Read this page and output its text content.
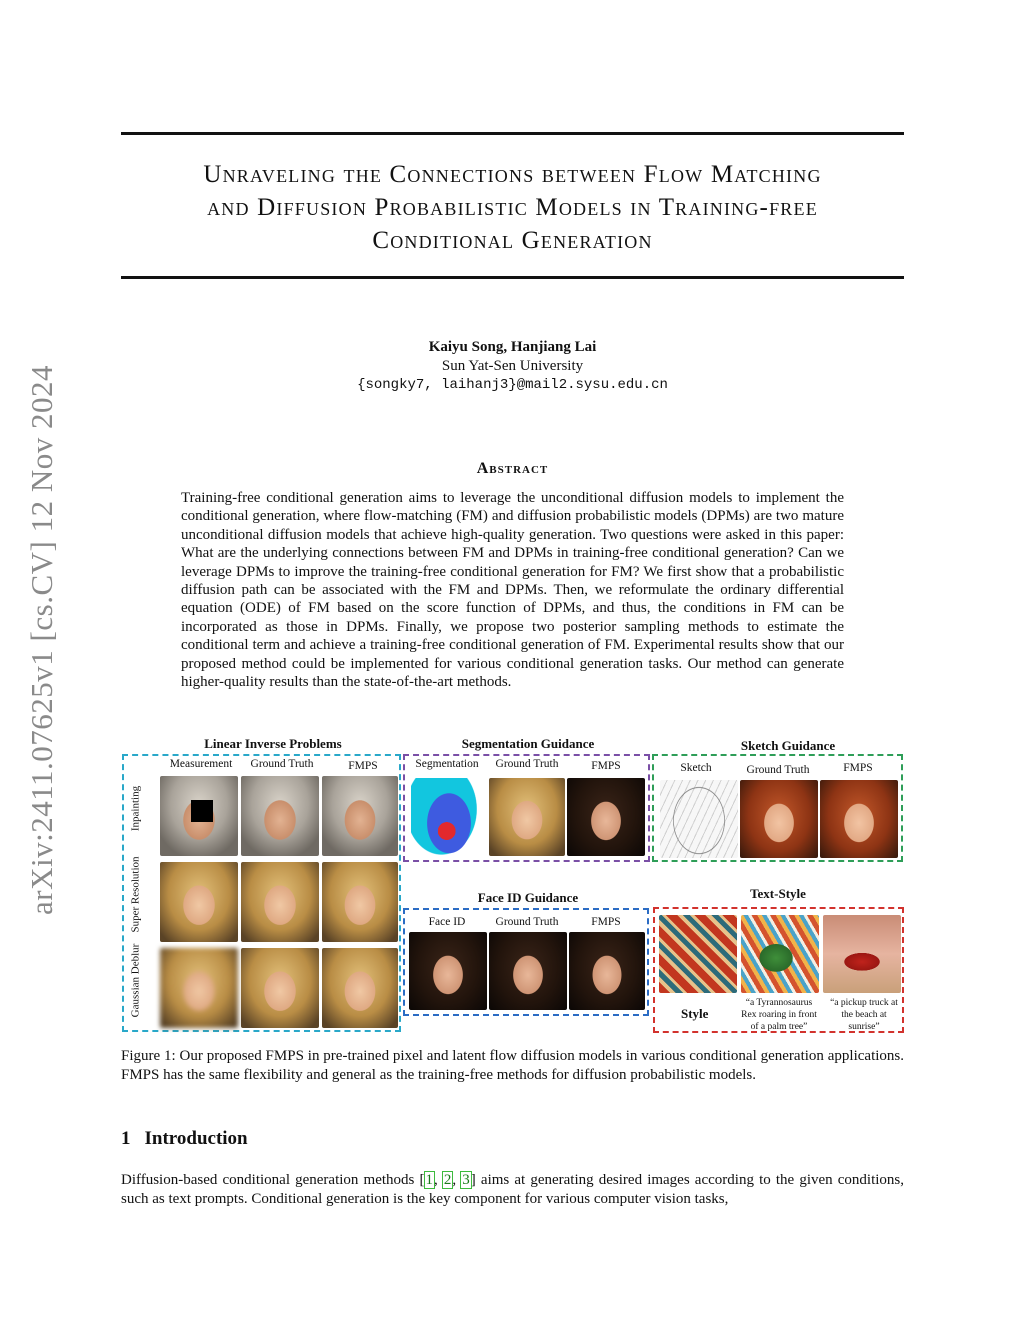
arXiv:2411.07625v1 [cs.CV] 12 Nov 2024
Unraveling the Connections between Flow Matching
and Diffusion Probabilistic Models in Training-free
Conditional Generation
Kaiyu Song, Hanjiang Lai
Sun Yat-Sen University
{songky7, laihanj3}@mail2.sysu.edu.cn
Abstract
Training-free conditional generation aims to leverage the unconditional diffusion models to implement the conditional generation, where flow-matching (FM) and diffusion probabilistic models (DPMs) are two mature unconditional diffusion models that achieve high-quality generation. Two questions were asked in this paper: What are the underlying connections between FM and DPMs in training-free conditional generation? Can we leverage DPMs to improve the training-free conditional generation for FM? We first show that a probabilistic diffusion path can be associated with the FM and DPMs. Then, we reformulate the ordinary differential equation (ODE) of FM based on the score function of DPMs, and thus, the conditions in FM can be incorporated as those in DPMs. Finally, we propose two posterior sampling methods to estimate the conditional term and achieve a training-free conditional generation of FM. Experimental results show that our proposed method could be implemented for various conditional generation tasks. Our method can generate higher-quality results than the state-of-the-art methods.
Linear Inverse Problems
Measurement	Ground Truth	FMPS
Inpainting
Super Resolution
Gaussian Deblur
Segmentation Guidance
Segmentation	Ground Truth	FMPS
Sketch Guidance
Sketch	Ground Truth	FMPS
Face ID Guidance
Face ID	Ground Truth	FMPS
Text-Style
Style
“a Tyrannosaurus Rex roaring in front of a palm tree”
“a pickup truck at the beach at sunrise”
Figure 1: Our proposed FMPS in pre-trained pixel and latent flow diffusion models in various conditional generation applications. FMPS has the same flexibility and general as the training-free methods for diffusion probabilistic models.
1 Introduction
Diffusion-based conditional generation methods [1, 2, 3] aims at generating desired images according to the given conditions, such as text prompts. Conditional generation is the key component for various computer vision tasks,
